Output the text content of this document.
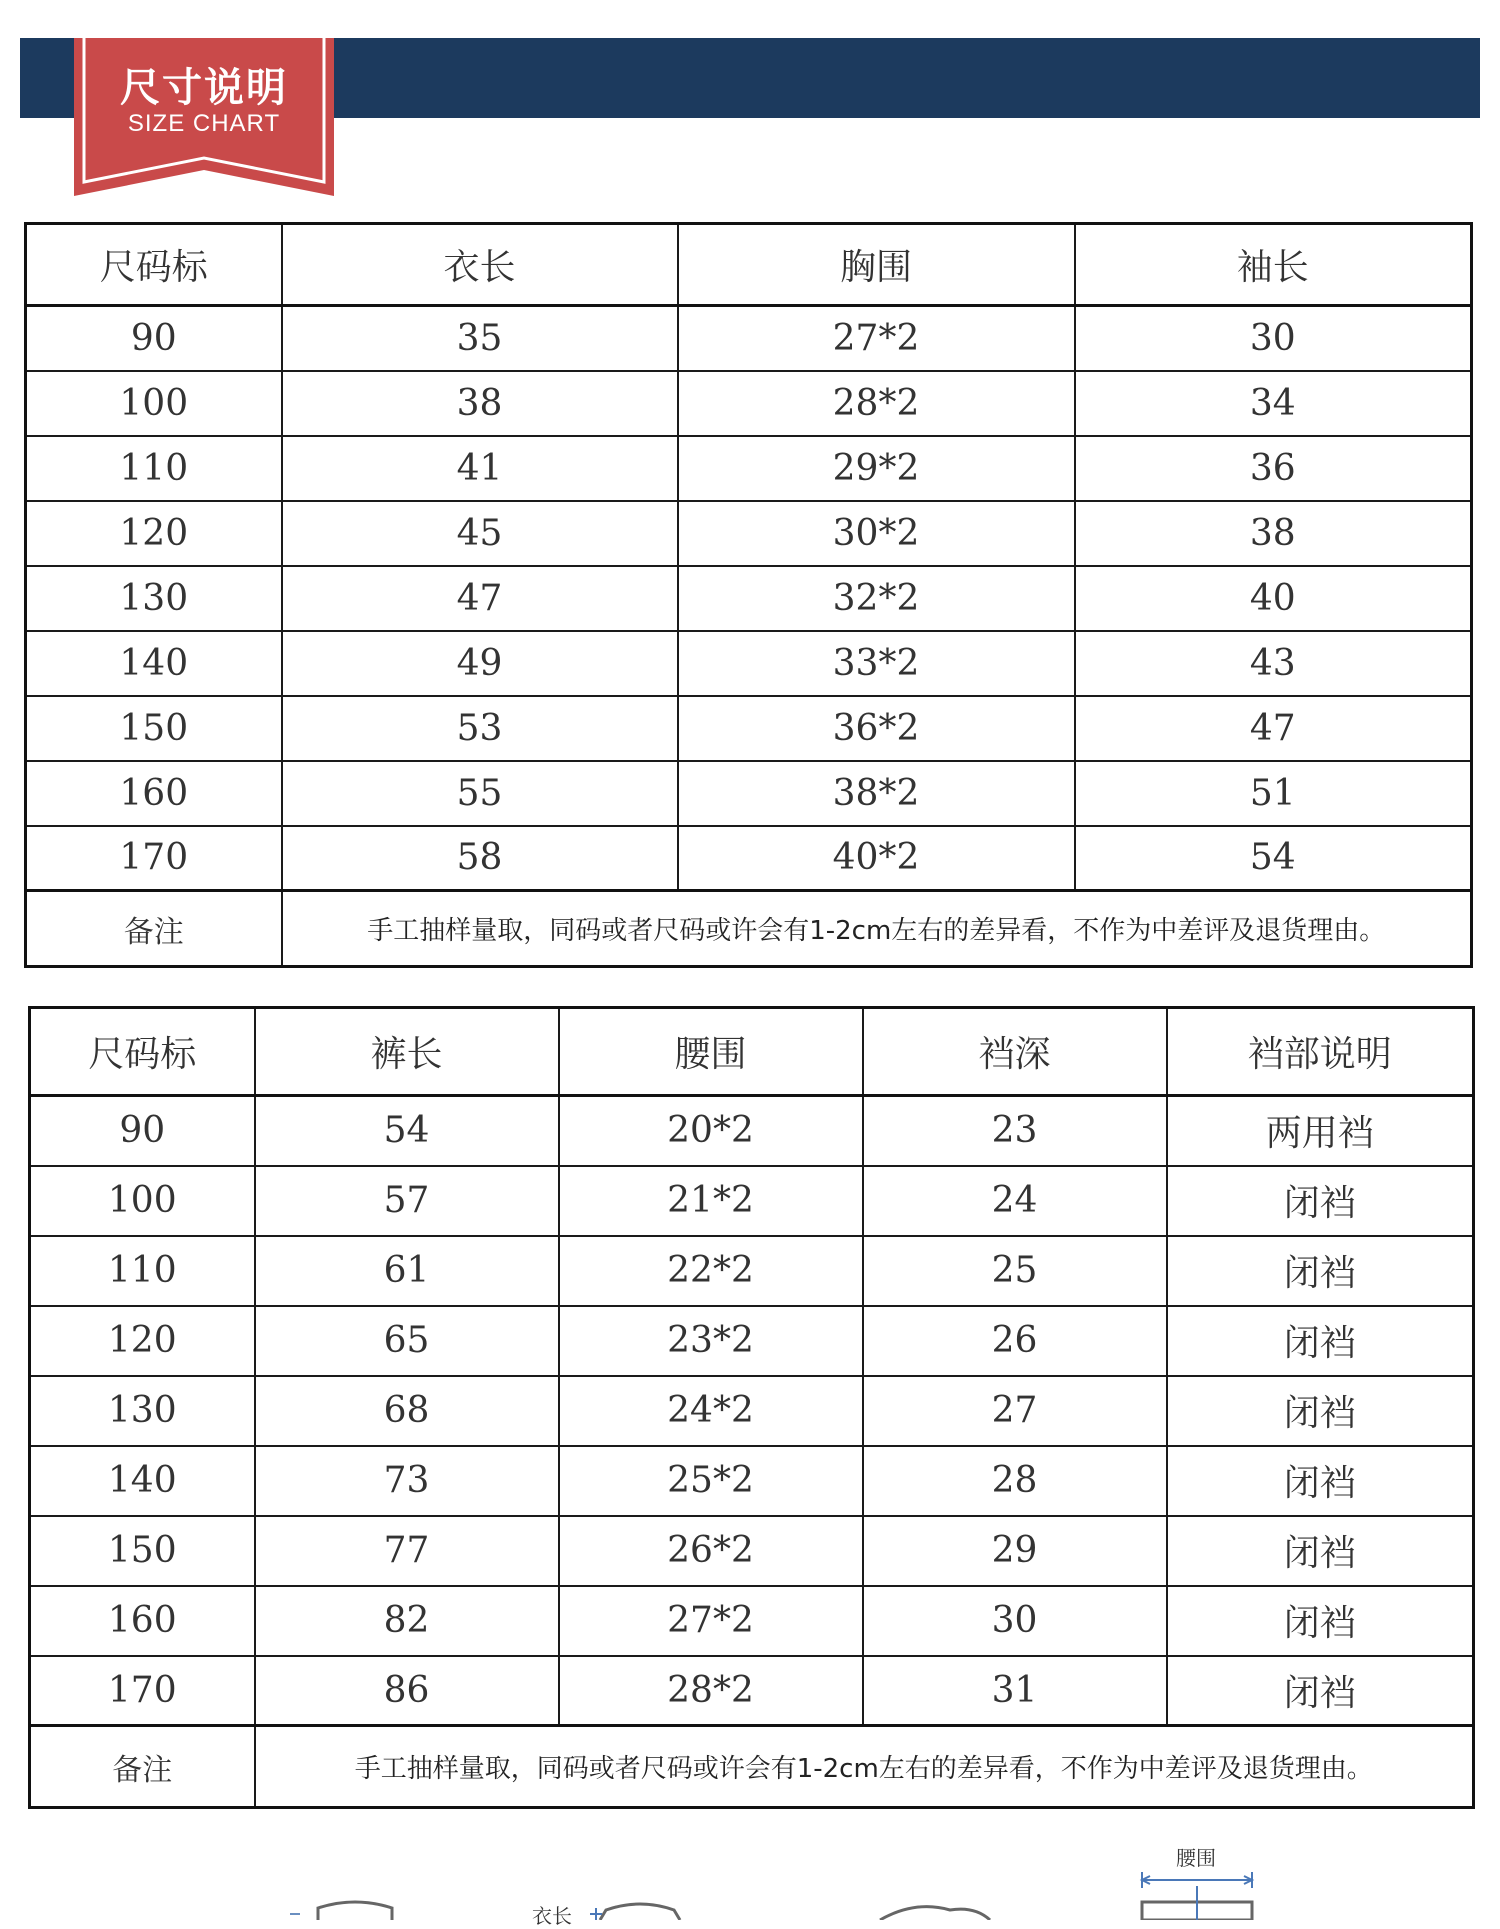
尺寸说明
SIZE CHART
尺码标	衣长	胸围	袖长
90	35	27*2	30
100	38	28*2	34
110	41	29*2	36
120	45	30*2	38
130	47	32*2	40
140	49	33*2	43
150	53	36*2	47
160	55	38*2	51
170	58	40*2	54
备注	手工抽样量取，同码或者尺码或许会有1-2cm左右的差异看，不作为中差评及退货理由。		
尺码标	裤长	腰围	裆深	裆部说明
90	54	20*2	23	两用裆
100	57	21*2	24	闭裆
110	61	22*2	25	闭裆
120	65	23*2	26	闭裆
130	68	24*2	27	闭裆
140	73	25*2	28	闭裆
150	77	26*2	29	闭裆
160	82	27*2	30	闭裆
170	86	28*2	31	闭裆
备注	手工抽样量取，同码或者尺码或许会有1-2cm左右的差异看，不作为中差评及退货理由。			
衣长
腰围
